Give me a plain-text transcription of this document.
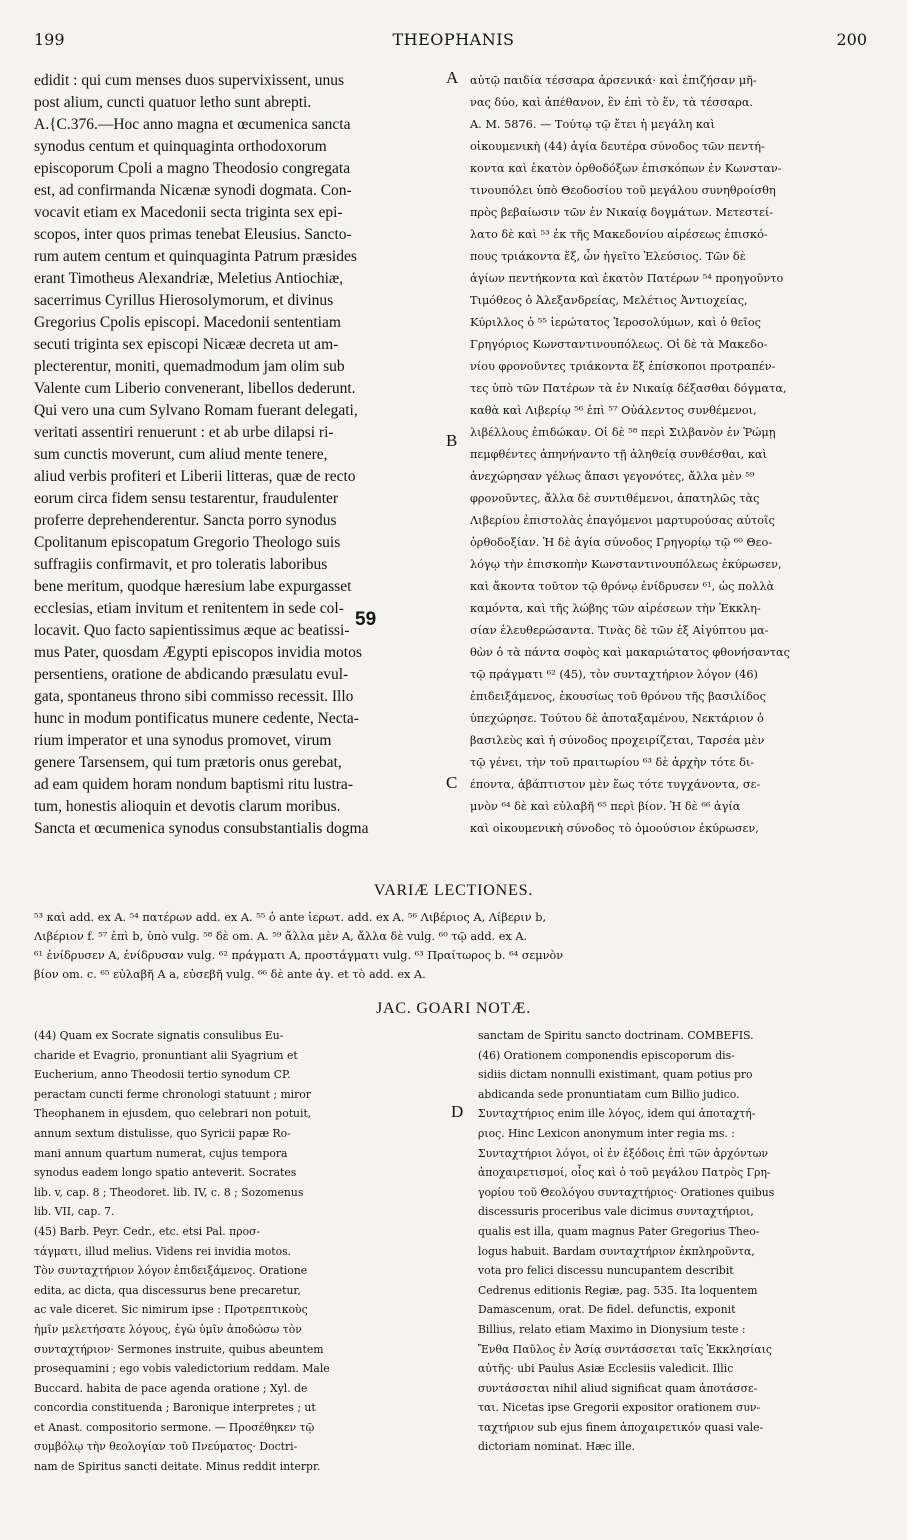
199	THEOPHANIS	200
edidit : qui cum menses duos supervixissent, unus
post alium, cuncti quatuor letho sunt abrepti.
A.{C.376.—Hoc anno magna et œcumenica sancta
synodus centum et quinquaginta orthodoxorum
episcoporum Cpoli a magno Theodosio congregata
est, ad confirmanda Nicænæ synodi dogmata. Con-
vocavit etiam ex Macedonii secta triginta sex epi-
scopos, inter quos primas tenebat Eleusius. Sancto-
rum autem centum et quinquaginta Patrum præsides
erant Timotheus Alexandriæ, Meletius Antiochiæ,
sacerrimus Cyrillus Hierosolymorum, et divinus
Gregorius Cpolis episcopi. Macedonii sententiam
secuti triginta sex episcopi Nicææ decreta ut am-
plecterentur, moniti, quemadmodum jam olim sub
Valente cum Liberio convenerant, libellos dederunt.
Qui vero una cum Sylvano Romam fuerant delegati,
veritati assentiri renuerunt : et ab urbe dilapsi ri-
sum cunctis moverunt, cum aliud mente tenere,
aliud verbis profiteri et Liberii litteras, quæ de recto
eorum circa fidem sensu testarentur, fraudulenter
proferre deprehenderentur. Sancta porro synodus
Cpolitanum episcopatum Gregorio Theologo suis
suffragiis confirmavit, et pro toleratis laboribus
bene meritum, quodque hæresium labe expurgasset
ecclesias, etiam invitum et renitentem in sede col-
locavit. Quo facto sapientissimus æque ac beatissi-
mus Pater, quosdam Ægypti episcopos invidia motos
persentiens, oratione de abdicando præsulatu evul-
gata, spontaneus throno sibi commisso recessit. Illo
hunc in modum pontificatus munere cedente, Necta-
rium imperator et una synodus promovet, virum
genere Tarsensem, qui tum prætoris onus gerebat,
ad eam quidem horam nondum baptismi ritu lustra-
tum, honestis alioquin et devotis clarum moribus.
Sancta et œcumenica synodus consubstantialis dogma
αὐτῷ παιδία τέσσαρα ἀρσενικά· καὶ ἐπιζήσαν μῆ-
νας δύο, καὶ ἀπέθανον, ἓν ἐπὶ τὸ ἕν, τὰ τέσσαρα.
A. M. 5876. — Τούτῳ τῷ ἔτει ἡ μεγάλη καὶ
οἰκουμενικὴ (44) ἁγία δευτέρα σύνοδος τῶν πεντή-
κοντα καὶ ἑκατὸν ὀρθοδόξων ἐπισκόπων ἐν Κωνσταν-
τινουπόλει ὑπὸ Θεοδοσίου τοῦ μεγάλου συνηθροίσθη
πρὸς βεβαίωσιν τῶν ἐν Νικαίᾳ δογμάτων. Μετεστεί-
λατο δὲ καὶ ⁵³ ἐκ τῆς Μακεδονίου αἱρέσεως ἐπισκό-
πους τριάκοντα ἕξ, ὧν ἡγεῖτο Ἐλεύσιος. Τῶν δὲ
ἁγίων πεντήκοντα καὶ ἑκατὸν Πατέρων ⁵⁴ προηγοῦντο
Τιμόθεος ὁ Ἀλεξανδρείας, Μελέτιος Ἀντιοχείας,
Κύριλλος ὁ ⁵⁵ ἱερώτατος Ἱεροσολύμων, καὶ ὁ θεῖος
Γρηγόριος Κωνσταντινουπόλεως. Οἱ δὲ τὰ Μακεδο-
νίου φρονοῦντες τριάκοντα ἕξ ἐπίσκοποι προτραπέν-
τες ὑπὸ τῶν Πατέρων τὰ ἐν Νικαίᾳ δέξασθαι δόγματα,
καθὰ καὶ Λιβερίῳ ⁵⁶ ἐπὶ ⁵⁷ Οὐάλεντος συνθέμενοι,
λιβέλλους ἐπιδώκαν. Οἱ δὲ ⁵⁸ περὶ Σιλβανὸν ἐν Ῥώμῃ
πεμφθέντες ἀπηνήναντο τῇ ἀληθείᾳ συνθέσθαι, καὶ
ἀνεχώρησαν γέλως ἅπασι γεγονότες, ἄλλα μὲν ⁵⁹
φρονοῦντες, ἄλλα δὲ συντιθέμενοι, ἀπατηλῶς τὰς
Λιβερίου ἐπιστολὰς ἐπαγόμενοι μαρτυρούσας αὐτοῖς
ὀρθοδοξίαν. Ἡ δὲ ἁγία σύνοδος Γρηγορίῳ τῷ ⁶⁰ Θεο-
λόγῳ τὴν ἐπισκοπὴν Κωνσταντινουπόλεως ἐκύρωσεν,
καὶ ἄκοντα τοῦτον τῷ θρόνῳ ἐνίδρυσεν ⁶¹, ὡς πολλὰ
καμόντα, καὶ τῆς λώβης τῶν αἱρέσεων τὴν Ἐκκλη-
σίαν ἐλευθερώσαντα. Τινὰς δὲ τῶν ἐξ Αἰγύπτου μα-
θὼν ὁ τὰ πάντα σοφὸς καὶ μακαριώτατος φθονήσαντας
τῷ πράγματι ⁶² (45), τὸν συνταχτήριον λόγον (46)
ἐπιδειξάμενος, ἑκουσίως τοῦ θρόνου τῆς βασιλίδος
ὑπεχώρησε. Τούτου δὲ ἀποταξαμένου, Νεκτάριον ὁ
βασιλεὺς καὶ ἡ σύνοδος προχειρίζεται, Ταρσέα μὲν
τῷ γένει, τὴν τοῦ πραιτωρίου ⁶³ δὲ ἀρχὴν τότε δι-
έποντα, ἀβάπτιστον μὲν ἕως τότε τυγχάνοντα, σε-
μνὸν ⁶⁴ δὲ καὶ εὐλαβῆ ⁶⁵ περὶ βίον. Ἡ δὲ ⁶⁶ ἁγία
καὶ οἰκουμενικὴ σύνοδος τὸ ὁμοούσιον ἐκύρωσεν,
A
B
C
D
59
VARIÆ LECTIONES.
⁵³ καὶ add. ex A. ⁵⁴ πατέρων add. ex A. ⁵⁵ ὁ ante ἱερωτ. add. ex A. ⁵⁶ Λιβέριος A, Λίβεριν b,
Λιβέριον f. ⁵⁷ ἐπὶ b, ὑπὸ vulg. ⁵⁸ δὲ om. A. ⁵⁹ ἄλλα μὲν A, ἄλλα δὲ vulg. ⁶⁰ τῷ add. ex A.
⁶¹ ἐνίδρυσεν A, ἐνίδρυσαν vulg. ⁶² πράγματι A, προστάγματι vulg. ⁶³ Πραίτωρος b. ⁶⁴ σεμνὸν
βίον om. c. ⁶⁵ εὐλαβῆ A a, εὐσεβῆ vulg. ⁶⁶ δὲ ante ἁγ. et τὸ add. ex A.
JAC. GOARI NOTÆ.
(44) Quam ex Socrate signatis consulibus Eu-
charide et Evagrio, pronuntiant alii Syagrium et
Eucherium, anno Theodosii tertio synodum CP.
peractam cuncti ferme chronologi statuunt ; miror
Theophanem in ejusdem, quo celebrari non potuit,
annum sextum distulisse, quo Syricii papæ Ro-
mani annum quartum numerat, cujus tempora
synodus eadem longo spatio anteverit. Socrates
lib. v, cap. 8 ; Theodoret. lib. IV, c. 8 ; Sozomenus
lib. VII, cap. 7.
(45) Barb. Peyr. Cedr., etc. etsi Pal. προσ-
τάγματι, illud melius. Videns rei invidia motos.
Τὸν συνταχτήριον λόγον ἐπιδειξάμενος. Oratione
edita, ac dicta, qua discessurus bene precaretur,
ac vale diceret. Sic nimirum ipse : Προτρεπτικοὺς
ἡμῖν μελετήσατε λόγους, ἐγὼ ὑμῖν ἀποδώσω τὸν
συνταχτήριον· Sermones instruite, quibus abeuntem
prosequamini ; ego vobis valedictorium reddam. Male
Buccard. habita de pace agenda oratione ; Xyl. de
concordia constituenda ; Baronique interpretes ; ut
et Anast. compositorio sermone. — Προσέθηκεν τῷ
συμβόλῳ τὴν θεολογίαν τοῦ Πνεύματος· Doctri-
nam de Spiritus sancti deitate. Minus reddit interpr.
sanctam de Spiritu sancto doctrinam. COMBEFIS.
(46) Orationem componendis episcoporum dis-
sidiis dictam nonnulli existimant, quam potius pro
abdicanda sede pronuntiatam cum Billio judico.
Συνταχτήριος enim ille λόγος, idem qui ἀποταχτή-
ριος. Hinc Lexicon anonymum inter regia ms. :
Συνταχτήριοι λόγοι, οἱ ἐν ἐξόδοις ἐπὶ τῶν ἀρχόντων
ἀποχαιρετισμοί, οἷος καὶ ὁ τοῦ μεγάλου Πατρὸς Γρη-
γορίου τοῦ Θεολόγου συνταχτήριος· Orationes quibus
discessuris proceribus vale dicimus συνταχτήριοι,
qualis est illa, quam magnus Pater Gregorius Theo-
logus habuit. Bardam συνταχτήριον ἐκπληροῦντα,
vota pro felici discessu nuncupantem describit
Cedrenus editionis Regiæ, pag. 535. Ita loquentem
Damascenum, orat. De fidel. defunctis, exponit
Billius, relato etiam Maximo in Dionysium teste :
Ἔνθα Παῦλος ἐν Ἀσίᾳ συντάσσεται ταῖς Ἐκκλησίαις
αὐτῆς· ubi Paulus Asiæ Ecclesiis valedicit. Illic
συντάσσεται nihil aliud significat quam ἀποτάσσε-
ται. Nicetas ipse Gregorii expositor orationem συν-
ταχτήριον sub ejus finem ἀποχαιρετικόν quasi vale-
dictoriam nominat. Hæc ille.
